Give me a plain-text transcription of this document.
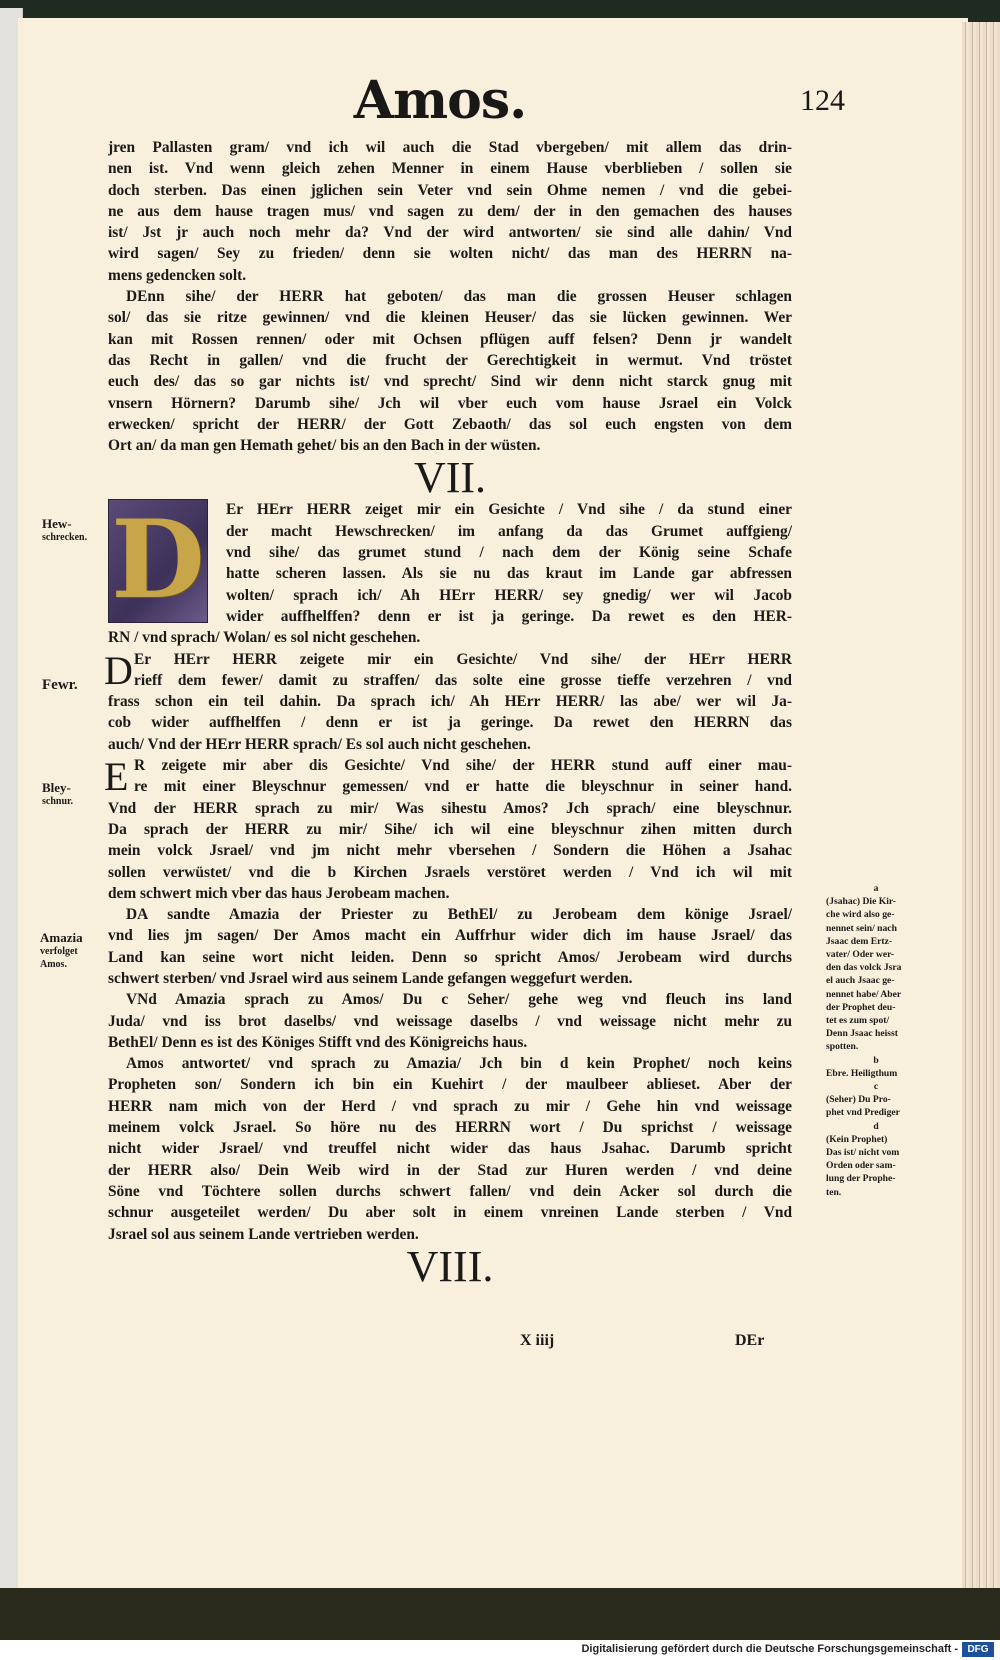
Amos.	124
Hew-
schrecken.
Fewr.
Bley-
schnur.
Amazia
verfolget
Amos.
jren Pallasten gram/ vnd ich wil auch die Stad vbergeben/ mit allem das drin-
nen ist. Vnd wenn gleich zehen Menner in einem Hause vberblieben / sollen sie
doch sterben. Das einen jglichen sein Veter vnd sein Ohme nemen / vnd die gebei-
ne aus dem hause tragen mus/ vnd sagen zu dem/ der in den gemachen des hauses
ist/ Jst jr auch noch mehr da? Vnd der wird antworten/ sie sind alle dahin/ Vnd
wird sagen/ Sey zu frieden/ denn sie wolten nicht/ das man des HERRN na-
mens gedencken solt.
DEnn sihe/ der HERR hat geboten/ das man die grossen Heuser schlagen
sol/ das sie ritze gewinnen/ vnd die kleinen Heuser/ das sie lücken gewinnen. Wer
kan mit Rossen rennen/ oder mit Ochsen pflügen auff felsen? Denn jr wandelt
das Recht in gallen/ vnd die frucht der Gerechtigkeit in wermut. Vnd tröstet
euch des/ das so gar nichts ist/ vnd sprecht/ Sind wir denn nicht starck gnug mit
vnsern Hörnern? Darumb sihe/ Jch wil vber euch vom hause Jsrael ein Volck
erwecken/ spricht der HERR/ der Gott Zebaoth/ das sol euch engsten von dem
Ort an/ da man gen Hemath gehet/ bis an den Bach in der wüsten.
VII.
D Er HErr HERR zeiget mir ein Gesichte / Vnd sihe / da stund einer
der macht Hewschrecken/ im anfang da das Grumet auffgieng/
vnd sihe/ das grumet stund / nach dem der König seine Schafe
hatte scheren lassen. Als sie nu das kraut im Lande gar abfressen
wolten/ sprach ich/ Ah HErr HERR/ sey gnedig/ wer wil Jacob
wider auffhelffen? denn er ist ja geringe. Da rewet es den HER-
RN / vnd sprach/ Wolan/ es sol nicht geschehen.
D Er HErr HERR zeigete mir ein Gesichte/ Vnd sihe/ der HErr HERR
rieff dem fewer/ damit zu straffen/ das solte eine grosse tieffe verzehren / vnd
frass schon ein teil dahin. Da sprach ich/ Ah HErr HERR/ las abe/ wer wil Ja-
cob wider auffhelffen / denn er ist ja geringe. Da rewet den HERRN das
auch/ Vnd der HErr HERR sprach/ Es sol auch nicht geschehen.
E R zeigete mir aber dis Gesichte/ Vnd sihe/ der HERR stund auff einer mau-
re mit einer Bleyschnur gemessen/ vnd er hatte die bleyschnur in seiner hand.
Vnd der HERR sprach zu mir/ Was sihestu Amos? Jch sprach/ eine bleyschnur.
Da sprach der HERR zu mir/ Sihe/ ich wil eine bleyschnur zihen mitten durch
mein volck Jsrael/ vnd jm nicht mehr vbersehen / Sondern die Höhen a Jsahac
sollen verwüstet/ vnd die b Kirchen Jsraels verstöret werden / Vnd ich wil mit
dem schwert mich vber das haus Jerobeam machen.
DA sandte Amazia der Priester zu BethEl/ zu Jerobeam dem könige Jsrael/
vnd lies jm sagen/ Der Amos macht ein Auffrhur wider dich im hause Jsrael/ das
Land kan seine wort nicht leiden. Denn so spricht Amos/ Jerobeam wird durchs
schwert sterben/ vnd Jsrael wird aus seinem Lande gefangen weggefurt werden.
VNd Amazia sprach zu Amos/ Du c Seher/ gehe weg vnd fleuch ins land
Juda/ vnd iss brot daselbs/ vnd weissage daselbs / vnd weissage nicht mehr zu
BethEl/ Denn es ist des Königes Stifft vnd des Königreichs haus.
Amos antwortet/ vnd sprach zu Amazia/ Jch bin d kein Prophet/ noch keins
Propheten son/ Sondern ich bin ein Kuehirt / der maulbeer ablieset. Aber der
HERR nam mich von der Herd / vnd sprach zu mir / Gehe hin vnd weissage
meinem volck Jsrael. So höre nu des HERRN wort / Du sprichst / weissage
nicht wider Jsrael/ vnd treuffel nicht wider das haus Jsahac. Darumb spricht
der HERR also/ Dein Weib wird in der Stad zur Huren werden / vnd deine
Söne vnd Töchtere sollen durchs schwert fallen/ vnd dein Acker sol durch die
schnur ausgeteilet werden/ Du aber solt in einem vnreinen Lande sterben / Vnd
Jsrael sol aus seinem Lande vertrieben werden.
VIII.
X iiij	DEr
a
(Jsahac) Die Kir-
che wird also ge-
nennet sein/ nach
Jsaac dem Ertz-
vater/ Oder wer-
den das volck Jsra
el auch Jsaac ge-
nennet habe/ Aber
der Prophet deu-
tet es zum spot/
Denn Jsaac heisst
spotten.
b
Ebre. Heiligthum
c
(Seher) Du Pro-
phet vnd Prediger
d
(Kein Prophet)
Das ist/ nicht vom
Orden oder sam-
lung der Prophe-
ten.
Digitalisierung gefördert durch die Deutsche Forschungsgemeinschaft - DFG
